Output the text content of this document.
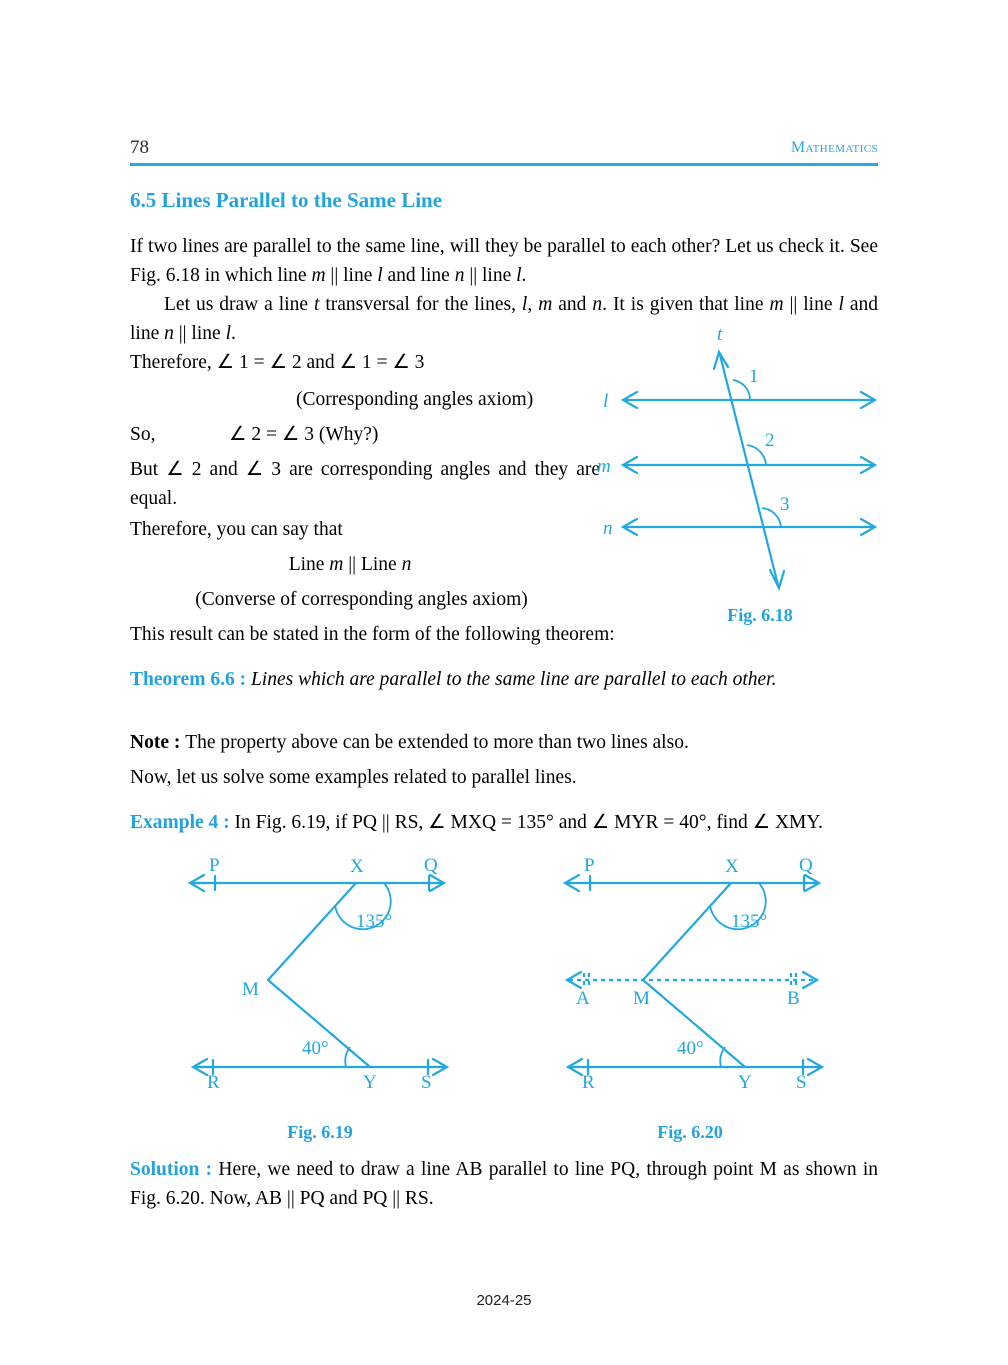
78	Mathematics
6.5 Lines Parallel to the Same Line

If two lines are parallel to the same line, will they be parallel to each other? Let us check it. See Fig. 6.18 in which line m || line l and line n || line l.

Let us draw a line t transversal for the lines, l, m and n. It is given that line m || line l and line n || line l.

Therefore, ∠ 1 = ∠ 2 and ∠ 1 = ∠ 3

(Corresponding angles axiom)

So,	∠ 2 = ∠ 3 (Why?)

But ∠ 2 and ∠ 3 are corresponding angles and they are equal.

Therefore, you can say that

Line m || Line n

(Converse of corresponding angles axiom)

This result can be stated in the form of the following theorem:

Theorem 6.6 : Lines which are parallel to the same line are parallel to each other.

Note : The property above can be extended to more than two lines also.

Now, let us solve some examples related to parallel lines.

Example 4 : In Fig. 6.19, if PQ || RS, ∠ MXQ = 135° and ∠ MYR = 40°, find ∠ XMY.

Solution : Here, we need to draw a line AB parallel to line PQ, through point M as shown in Fig. 6.20. Now, AB || PQ and PQ || RS.

t
l
m
n
1
2
3
Fig. 6.18
P	X	Q
M
R	Y S
135°
40°
Fig. 6.19
P	X	Q
A M	B
R	Y S
135°
40°
Fig. 6.20
2024-25
